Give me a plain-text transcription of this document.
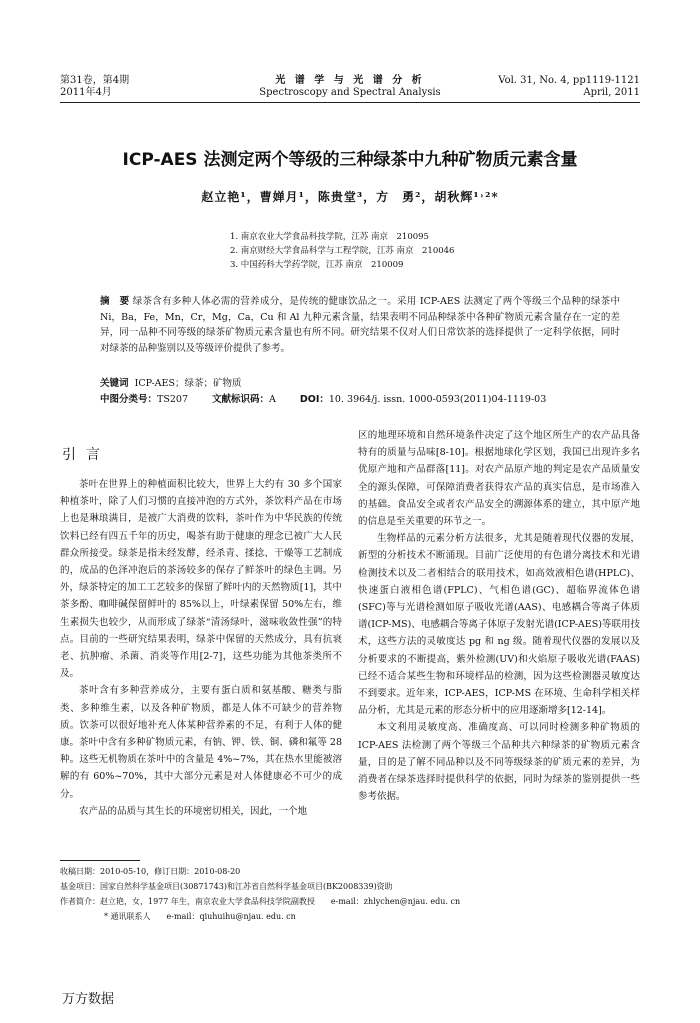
第31卷，第4期
2011年4月
光 谱 学 与 光 谱 分 析
Spectroscopy and Spectral Analysis
Vol. 31, No. 4, pp1119-1121
April, 2011
ICP-AES 法测定两个等级的三种绿茶中九种矿物质元素含量
赵立艳¹，曹婵月¹，陈贵堂³，方　勇²，胡秋辉¹˒²*
1. 南京农业大学食品科技学院，江苏 南京　210095
2. 南京财经大学食品科学与工程学院，江苏 南京　210046
3. 中国药科大学药学院，江苏 南京　210009
摘　要 绿茶含有多种人体必需的营养成分，是传统的健康饮品之一。采用 ICP-AES 法测定了两个等级三个品种的绿茶中 Ni，Ba，Fe，Mn，Cr，Mg，Ca，Cu 和 Al 九种元素含量，结果表明不同品种绿茶中各种矿物质元素含量存在一定的差异，同一品种不同等级的绿茶矿物质元素含量也有所不同。研究结果不仅对人们日常饮茶的选择提供了一定科学依据，同时对绿茶的品种鉴别以及等级评价提供了参考。
关键词 ICP-AES；绿茶；矿物质
中图分类号：TS207	文献标识码：A	DOI：10. 3964/j. issn. 1000-0593(2011)04-1119-03
引言

茶叶在世界上的种植面积比较大，世界上大约有 30 多个国家种植茶叶，除了人们习惯的直接冲泡的方式外，茶饮料产品在市场上也是琳琅满目，是被广大消费的饮料，茶叶作为中华民族的传统饮料已经有四五千年的历史，喝茶有助于健康的理念已被广大人民群众所接受。绿茶是指未经发酵，经杀青、揉捻、干燥等工艺制成的，成品的色泽冲泡后的茶汤较多的保存了鲜茶叶的绿色主调。另外，绿茶特定的加工工艺较多的保留了鲜叶内的天然物质[1]，其中茶多酚、咖啡碱保留鲜叶的 85%以上，叶绿素保留 50%左右，维生素损失也较少，从而形成了绿茶“清汤绿叶，滋味收敛性强”的特点。目前的一些研究结果表明，绿茶中保留的天然成分，具有抗衰老、抗肿瘤、杀菌、消炎等作用[2-7]，这些功能为其他茶类所不及。

茶叶含有多种营养成分，主要有蛋白质和氨基酸、糖类与脂类、多种维生素，以及各种矿物质，都是人体不可缺少的营养物质。饮茶可以很好地补充人体某种营养素的不足，有利于人体的健康。茶叶中含有多种矿物质元素，有钠、钾、铁、铜、磷和氟等 28 种。这些无机物质在茶叶中的含量是 4%~7%，其在热水里能被溶解的有 60%~70%，其中大部分元素是对人体健康必不可少的成分。

农产品的品质与其生长的环境密切相关，因此，一个地

区的地理环境和自然环境条件决定了这个地区所生产的农产品具备特有的质量与品味[8-10]。根据地球化学区划，我国已出现许多名优原产地和产品群落[11]。对农产品原产地的判定是农产品质量安全的源头保障，可保障消费者获得农产品的真实信息，是市场准入的基础。食品安全或者农产品安全的溯源体系的建立，其中原产地的信息是至关重要的环节之一。

生物样品的元素分析方法很多，尤其是随着现代仪器的发展，新型的分析技术不断涌现。目前广泛使用的有色谱分离技术和光谱检测技术以及二者相结合的联用技术，如高效液相色谱(HPLC)、快速蛋白液相色谱(FPLC)、气相色谱(GC)、超临界流体色谱(SFC)等与光谱检测如原子吸收光谱(AAS)、电感耦合等离子体质谱(ICP-MS)、电感耦合等离子体原子发射光谱(ICP-AES)等联用技术，这些方法的灵敏度达 pg 和 ng 级。随着现代仪器的发展以及分析要求的不断提高，紫外检测(UV)和火焰原子吸收光谱(FAAS)已经不适合某些生物和环境样品的检测，因为这些检测器灵敏度达不到要求。近年来，ICP-AES，ICP-MS 在环境、生命科学相关样品分析，尤其是元素的形态分析中的应用逐渐增多[12-14]。

本文利用灵敏度高、准确度高、可以同时检测多种矿物质的 ICP-AES 法检测了两个等级三个品种共六种绿茶的矿物质元素含量，目的是了解不同品种以及不同等级绿茶的矿质元素的差异，为消费者在绿茶选择时提供科学的依据，同时为绿茶的鉴别提供一些参考依据。

收稿日期：2010-05-10，修订日期：2010-08-20
基金项目：国家自然科学基金项目(30871743)和江苏省自然科学基金项目(BK2008339)资助
作者简介：赵立艳，女，1977 年生，南京农业大学食品科技学院副教授　　e-mail：zhlychen@njau. edu. cn
* 通讯联系人　　e-mail：qiuhuihu@njau. edu. cn
万方数据
